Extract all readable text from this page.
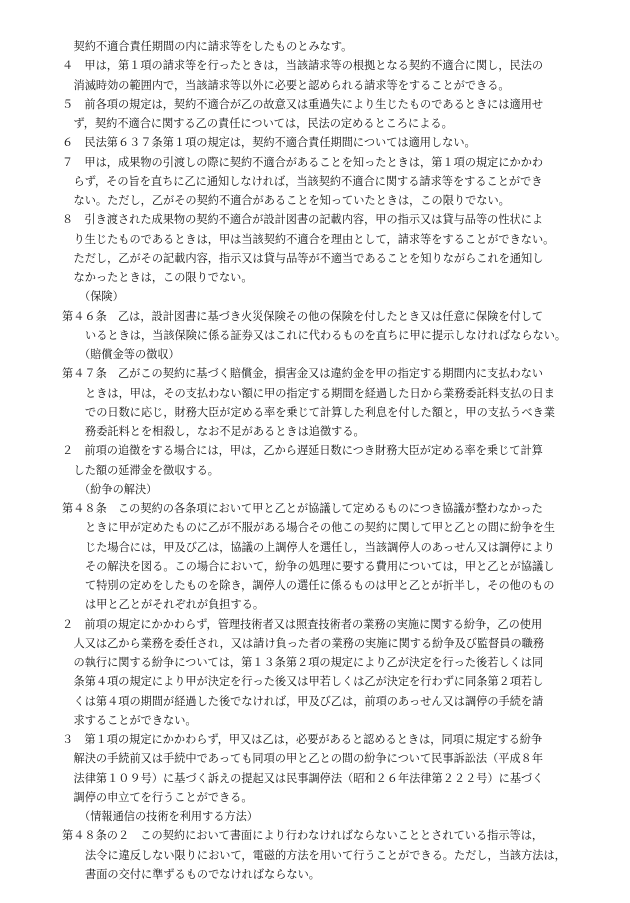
契約不適合責任期間の内に請求等をしたものとみなす。
４　甲は，第１項の請求等を行ったときは，当該請求等の根拠となる契約不適合に関し，民法の
消滅時効の範囲内で，当該請求等以外に必要と認められる請求等をすることができる。
５　前各項の規定は，契約不適合が乙の故意又は重過失により生じたものであるときには適用せ
ず，契約不適合に関する乙の責任については，民法の定めるところによる。
６　民法第６３７条第１項の規定は，契約不適合責任期間については適用しない。
７　甲は，成果物の引渡しの際に契約不適合があることを知ったときは，第１項の規定にかかわ
らず，その旨を直ちに乙に通知しなければ，当該契約不適合に関する請求等をすることができ
ない。ただし，乙がその契約不適合があることを知っていたときは，この限りでない。
８　引き渡された成果物の契約不適合が設計図書の記載内容，甲の指示又は貸与品等の性状によ
り生じたものであるときは，甲は当該契約不適合を理由として，請求等をすることができない。
ただし，乙がその記載内容，指示又は貸与品等が不適当であることを知りながらこれを通知し
なかったときは，この限りでない。
（保険）
第４６条　乙は，設計図書に基づき火災保険その他の保険を付したとき又は任意に保険を付して
いるときは，当該保険に係る証券又はこれに代わるものを直ちに甲に提示しなければならない。
（賠償金等の徴収）
第４７条　乙がこの契約に基づく賠償金，損害金又は違約金を甲の指定する期間内に支払わない
ときは，甲は，その支払わない額に甲の指定する期間を経過した日から業務委託料支払の日ま
での日数に応じ，財務大臣が定める率を乗じて計算した利息を付した額と，甲の支払うべき業
務委託料とを相殺し，なお不足があるときは追徴する。
２　前項の追徴をする場合には，甲は，乙から遅延日数につき財務大臣が定める率を乗じて計算
した額の延滞金を徴収する。
（紛争の解決）
第４８条　この契約の各条項において甲と乙とが協議して定めるものにつき協議が整わなかった
ときに甲が定めたものに乙が不服がある場合その他この契約に関して甲と乙との間に紛争を生
じた場合には，甲及び乙は，協議の上調停人を選任し，当該調停人のあっせん又は調停により
その解決を図る。この場合において，紛争の処理に要する費用については，甲と乙とが協議し
て特別の定めをしたものを除き，調停人の選任に係るものは甲と乙とが折半し，その他のもの
は甲と乙とがそれぞれが負担する。
２　前項の規定にかかわらず，管理技術者又は照査技術者の業務の実施に関する紛争，乙の使用
人又は乙から業務を委任され，又は請け負った者の業務の実施に関する紛争及び監督員の職務
の執行に関する紛争については，第１３条第２項の規定により乙が決定を行った後若しくは同
条第４項の規定により甲が決定を行った後又は甲若しくは乙が決定を行わずに同条第２項若し
くは第４項の期間が経過した後でなければ，甲及び乙は，前項のあっせん又は調停の手続を請
求することができない。
３　第１項の規定にかかわらず，甲又は乙は，必要があると認めるときは，同項に規定する紛争
解決の手続前又は手続中であっても同項の甲と乙との間の紛争について民事訴訟法（平成８年
法律第１０９号）に基づく訴えの提起又は民事調停法（昭和２６年法律第２２２号）に基づく
調停の申立てを行うことができる。
（情報通信の技術を利用する方法）
第４８条の２　この契約において書面により行わなければならないこととされている指示等は，
法令に違反しない限りにおいて，電磁的方法を用いて行うことができる。ただし，当該方法は，
書面の交付に準ずるものでなければならない。
